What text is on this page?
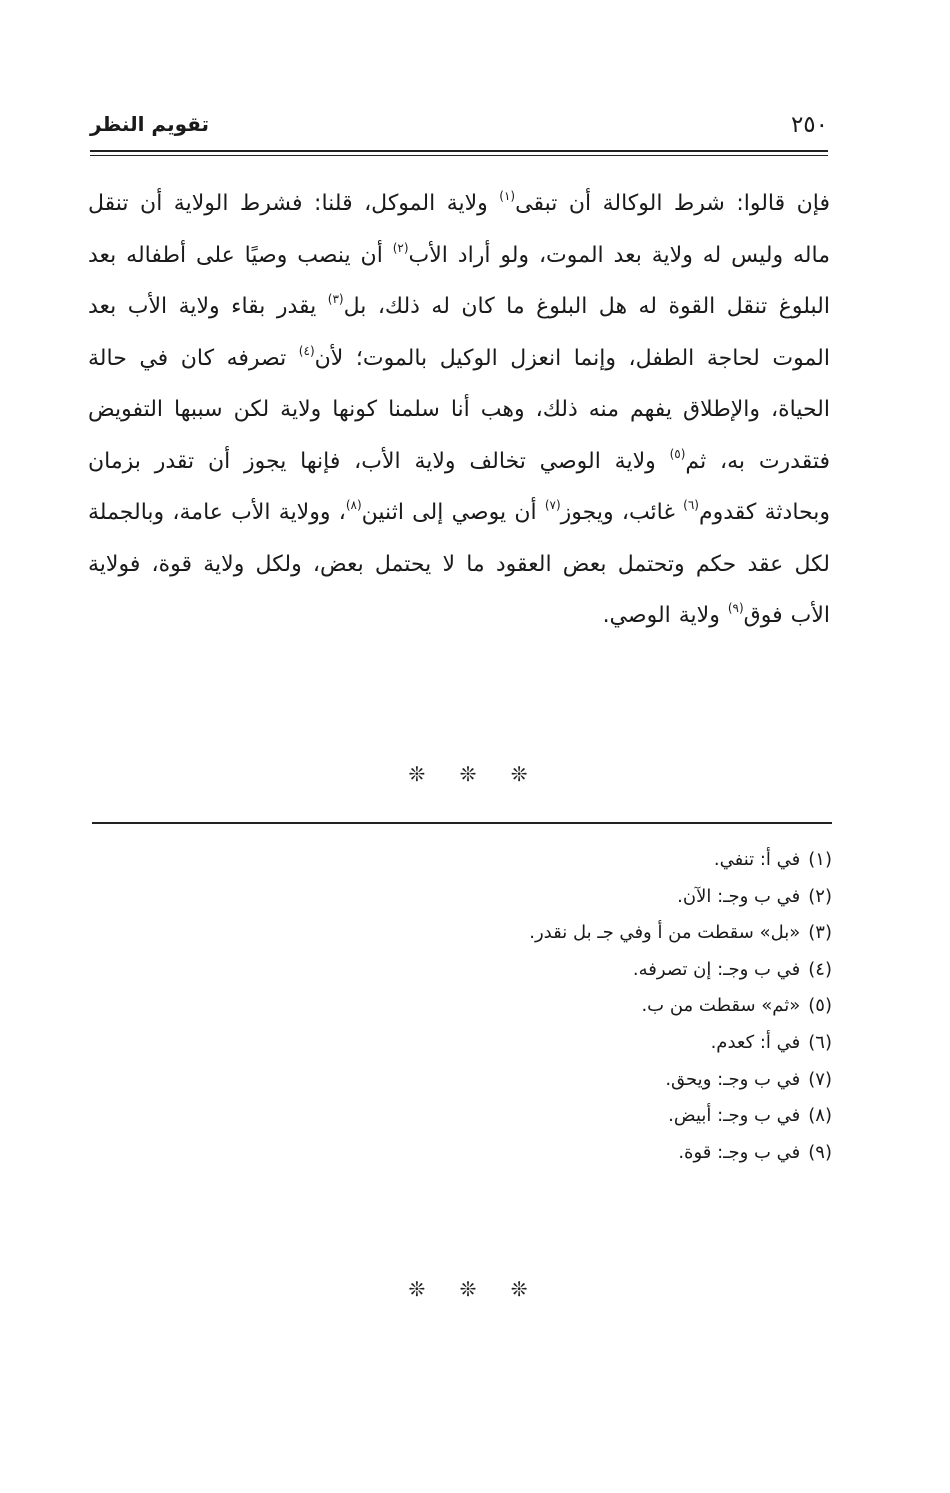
٢٥٠
تقويم النظر
فإن قالوا: شرط الوكالة أن تبقى$^{(١)}$ ولاية الموكل، قلنا: فشرط الولاية أن تنقل ماله وليس له ولاية بعد الموت، ولو أراد الأب$^{(٢)}$ أن ينصب وصيًا على أطفاله بعد البلوغ تنقل القوة له هل البلوغ ما كان له ذلك، بل$^{(٣)}$ يقدر بقاء ولاية الأب بعد الموت لحاجة الطفل، وإنما انعزل الوكيل بالموت؛ لأن$^{(٤)}$ تصرفه كان في حالة الحياة، والإطلاق يفهم منه ذلك، وهب أنا سلمنا كونها ولاية لكن سببها التفويض فتقدرت به، ثم$^{(٥)}$ ولاية الوصي تخالف ولاية الأب، فإنها يجوز أن تقدر بزمان وبحادثة كقدوم$^{(٦)}$ غائب، ويجوز$^{(٧)}$ أن يوصي إلى اثنين$^{(٨)}$، وولاية الأب عامة، وبالجملة لكل عقد حكم وتحتمل بعض العقود ما لا يحتمل بعض، ولكل ولاية قوة، فولاية الأب فوق$^{(٩)}$ ولاية الوصي.
❊ ❊ ❊
(١)في أ: تنفي.
(٢)في ب وجـ: الآن.
(٣)«بل» سقطت من أ وفي جـ بل نقدر.
(٤)في ب وجـ: إن تصرفه.
(٥)«ثم» سقطت من ب.
(٦)في أ: كعدم.
(٧)في ب وجـ: ويحق.
(٨)في ب وجـ: أبيض.
(٩)في ب وجـ: قوة.
❊ ❊ ❊
